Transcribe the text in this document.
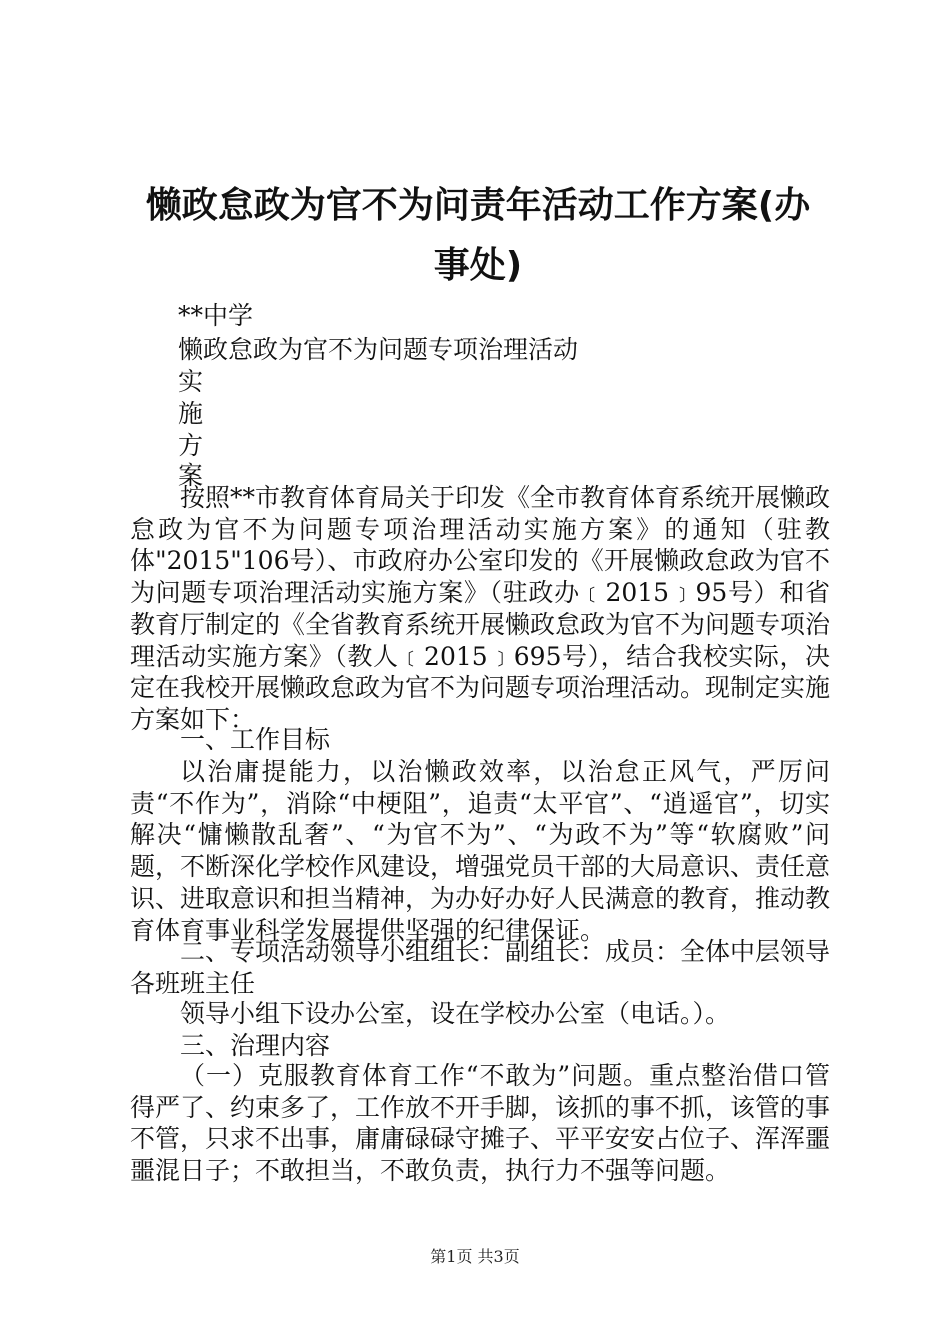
懒政怠政为官不为问责年活动工作方案(办事处)
**中学
懒政怠政为官不为问题专项治理活动
实
施
方
案
按照**市教育体育局关于印发《全市教育体育系统开展懒政怠政为官不为问题专项治理活动实施方案》的通知（驻教体"2015"106号）、市政府办公室印发的《开展懒政怠政为官不为问题专项治理活动实施方案》（驻政办﹝2015﹞95号）和省教育厅制定的《全省教育系统开展懒政怠政为官不为问题专项治理活动实施方案》（教人﹝2015﹞695号），结合我校实际，决定在我校开展懒政怠政为官不为问题专项治理活动。现制定实施方案如下：
一、工作目标
以治庸提能力，以治懒政效率，以治怠正风气，严厉问责“不作为”，消除“中梗阻”，追责“太平官”、“逍遥官”，切实解决“慵懒散乱奢”、“为官不为”、“为政不为”等“软腐败”问题，不断深化学校作风建设，增强党员干部的大局意识、责任意识、进取意识和担当精神，为办好办好人民满意的教育，推动教育体育事业科学发展提供坚强的纪律保证。
二、专项活动领导小组组长：副组长：成员：全体中层领导各班班主任
领导小组下设办公室，设在学校办公室（电话。）。
三、治理内容
（一）克服教育体育工作“不敢为”问题。重点整治借口管得严了、约束多了，工作放不开手脚，该抓的事不抓，该管的事不管，只求不出事，庸庸碌碌守摊子、平平安安占位子、浑浑噩噩混日子；不敢担当，不敢负责，执行力不强等问题。
第1页 共3页
